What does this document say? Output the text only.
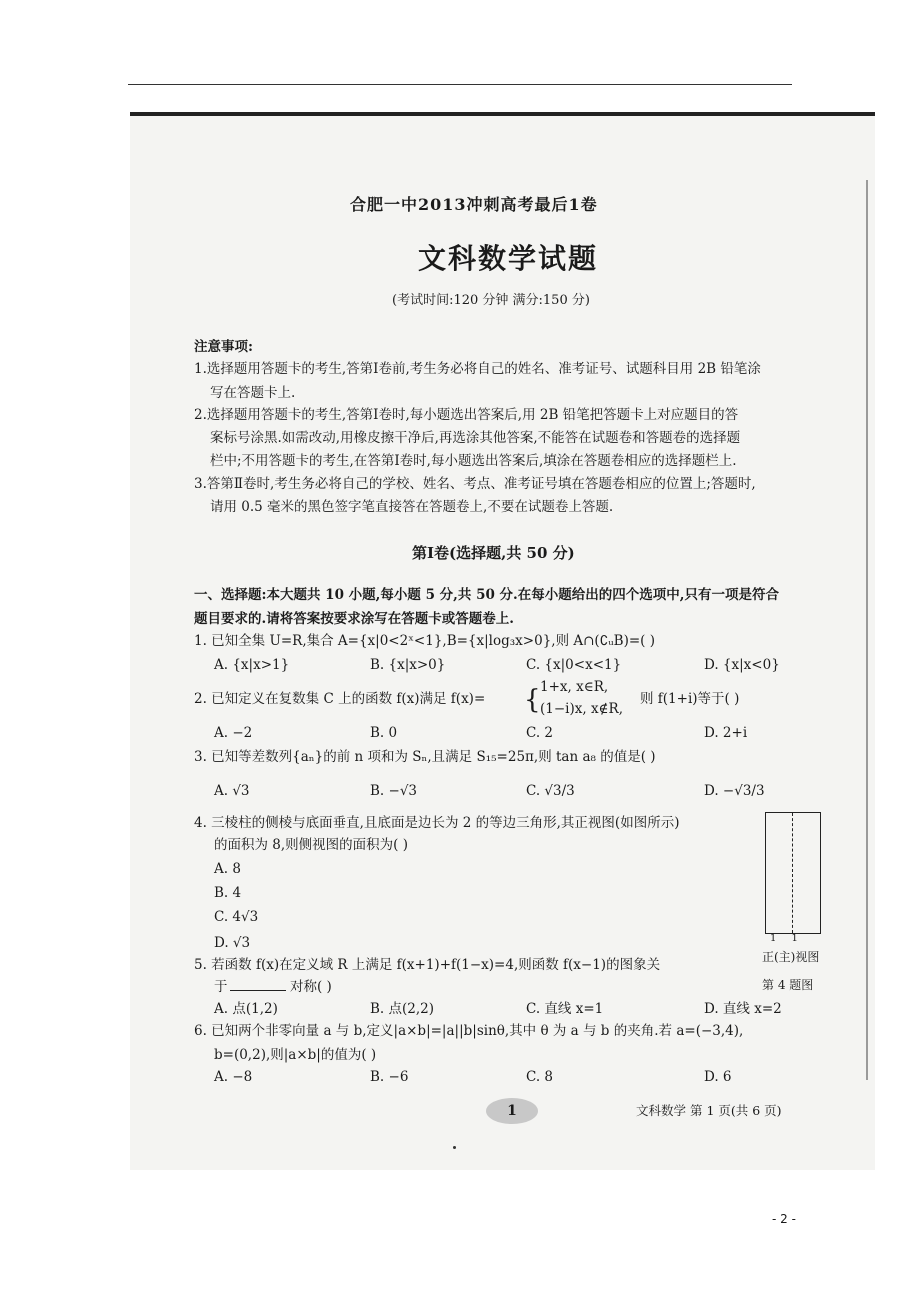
合肥一中2013冲刺高考最后1卷
文科数学试题
(考试时间:120 分钟 满分:150 分)
注意事项:
1.选择题用答题卡的考生,答第Ⅰ卷前,考生务必将自己的姓名、准考证号、试题科目用 2B 铅笔涂
写在答题卡上.
2.选择题用答题卡的考生,答第Ⅰ卷时,每小题选出答案后,用 2B 铅笔把答题卡上对应题目的答
案标号涂黑.如需改动,用橡皮擦干净后,再选涂其他答案,不能答在试题卷和答题卷的选择题
栏中;不用答题卡的考生,在答第Ⅰ卷时,每小题选出答案后,填涂在答题卷相应的选择题栏上.
3.答第Ⅱ卷时,考生务必将自己的学校、姓名、考点、准考证号填在答题卷相应的位置上;答题时,
请用 0.5 毫米的黑色签字笔直接答在答题卷上,不要在试题卷上答题.
第Ⅰ卷(选择题,共 50 分)
一、选择题:本大题共 10 小题,每小题 5 分,共 50 分.在每小题给出的四个选项中,只有一项是符合
题目要求的.请将答案按要求涂写在答题卡或答题卷上.
1. 已知全集 U=R,集合 A={x|0<2ˣ<1},B={x|log₃x>0},则 A∩(∁ᵤB)=( )
A. {x|x>1}	B. {x|x>0}	C. {x|0<x<1}	D. {x|x<0}
2. 已知定义在复数集 C 上的函数 f(x)满足 f(x)= { 1+x, x∈R,
(1−i)x, x∉R,
则 f(1+i)等于( )
A. −2	B. 0	C. 2	D. 2+i
3. 已知等差数列{aₙ}的前 n 项和为 Sₙ,且满足 S₁₅=25π,则 tan a₈ 的值是( )
A. √3	B. −√3	C. √3/3	D. −√3/3
4. 三棱柱的侧棱与底面垂直,且底面是边长为 2 的等边三角形,其正视图(如图所示)
的面积为 8,则侧视图的面积为( )
A. 8
B. 4
C. 4√3
D. √3	1 1
正(主)视图
第 4 题图
5. 若函数 f(x)在定义域 R 上满足 f(x+1)+f(1−x)=4,则函数 f(x−1)的图象关
于	对称( )
A. 点(1,2)	B. 点(2,2)	C. 直线 x=1	D. 直线 x=2
6. 已知两个非零向量 a 与 b,定义|a×b|=|a||b|sinθ,其中 θ 为 a 与 b 的夹角.若 a=(−3,4),
b=(0,2),则|a×b|的值为( )
A. −8	B. −6	C. 8	D. 6
1	文科数学 第 1 页(共 6 页)
- 2 -
